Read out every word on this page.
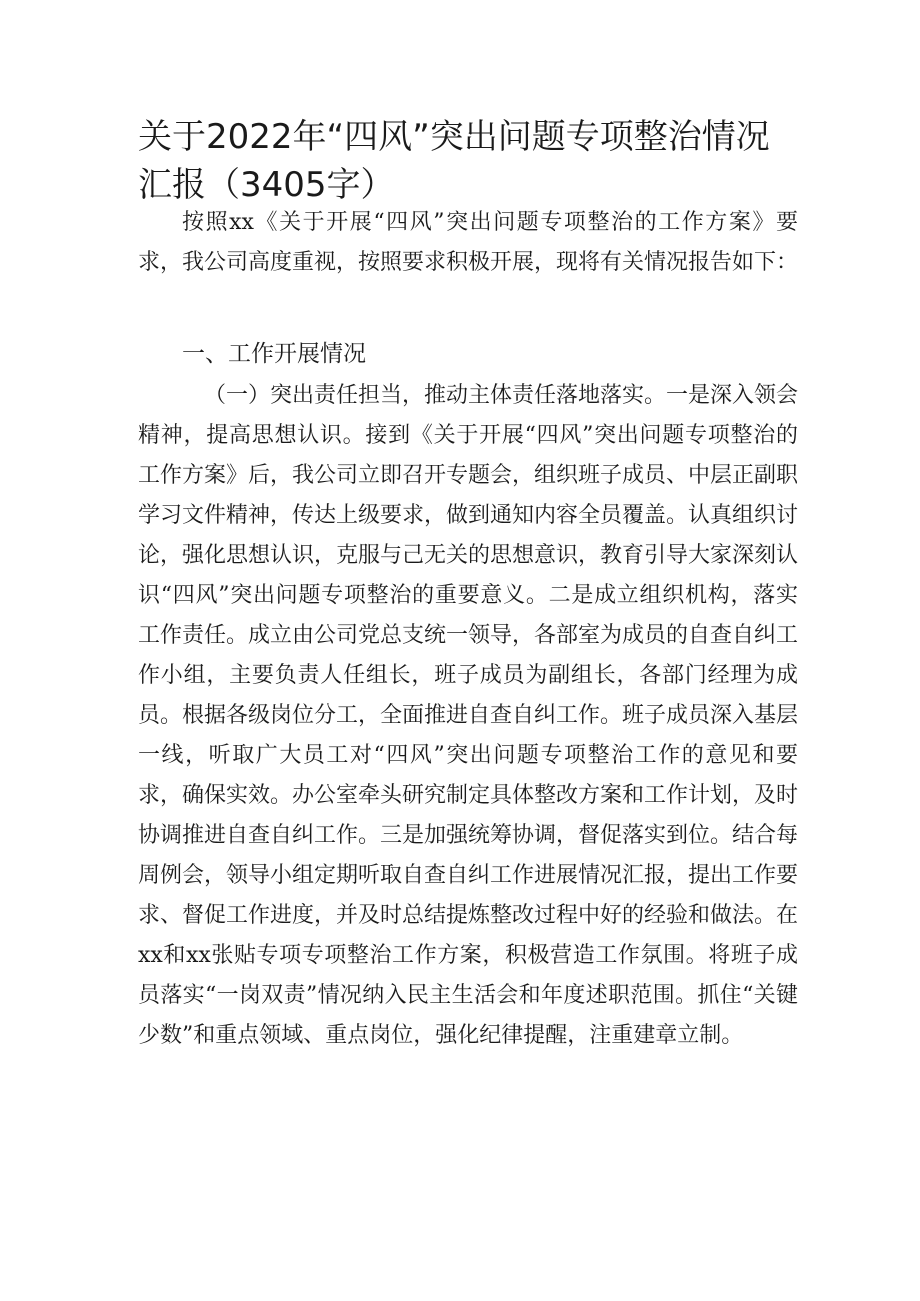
关于2022年“四风”突出问题专项整治情况汇报（3405字）

按照xx《关于开展“四风”突出问题专项整治的工作方案》要求，我公司高度重视，按照要求积极开展，现将有关情况报告如下：

一、工作开展情况

（一）突出责任担当，推动主体责任落地落实。一是深入领会精神，提高思想认识。接到《关于开展“四风”突出问题专项整治的工作方案》后，我公司立即召开专题会，组织班子成员、中层正副职学习文件精神，传达上级要求，做到通知内容全员覆盖。认真组织讨论，强化思想认识，克服与己无关的思想意识，教育引导大家深刻认识“四风”突出问题专项整治的重要意义。二是成立组织机构，落实工作责任。成立由公司党总支统一领导，各部室为成员的自查自纠工作小组，主要负责人任组长，班子成员为副组长，各部门经理为成员。根据各级岗位分工，全面推进自查自纠工作。班子成员深入基层一线，听取广大员工对“四风”突出问题专项整治工作的意见和要求，确保实效。办公室牵头研究制定具体整改方案和工作计划，及时协调推进自查自纠工作。三是加强统筹协调，督促落实到位。结合每周例会，领导小组定期听取自查自纠工作进展情况汇报，提出工作要求、督促工作进度，并及时总结提炼整改过程中好的经验和做法。在xx和xx张贴专项专项整治工作方案，积极营造工作氛围。将班子成员落实“一岗双责”情况纳入民主生活会和年度述职范围。抓住“关键少数”和重点领域、重点岗位，强化纪律提醒，注重建章立制。
